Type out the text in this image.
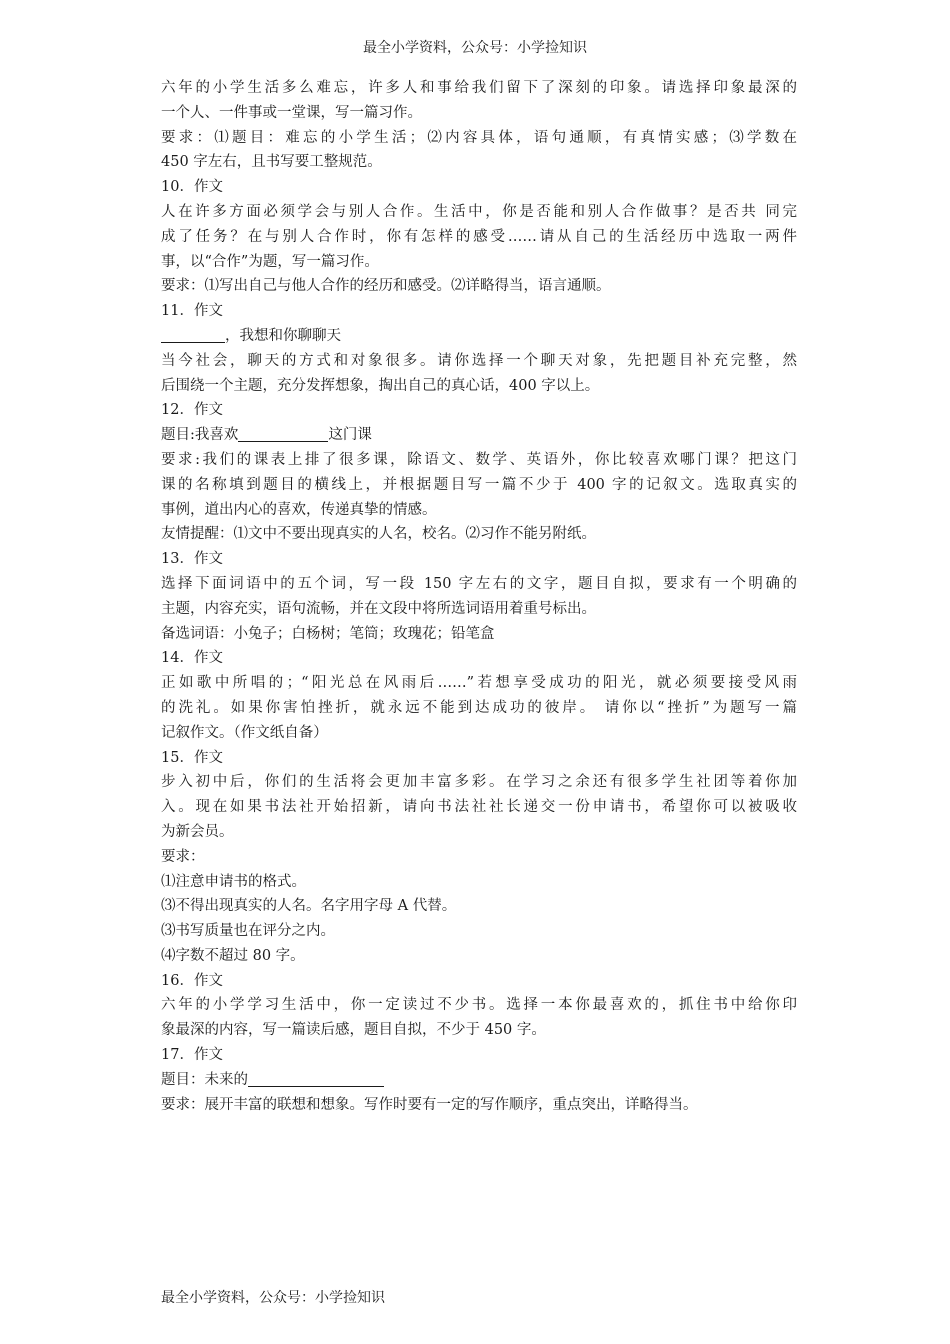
最全小学资料，公众号：小学捡知识
六年的小学生活多么难忘，许多人和事给我们留下了深刻的印象。请选择印象最深的
一个人、一件事或一堂课，写一篇习作。
要求：⑴题目：难忘的小学生活；⑵内容具体，语句通顺，有真情实感；⑶学数在
450 字左右，且书写要工整规范。
10．作文
人在许多方面必须学会与别人合作。生活中，你是否能和别人合作做事？是否共 同完
成了任务？在与别人合作时，你有怎样的感受……请从自己的生活经历中选取一两件
事，以“合作”为题，写一篇习作。
要求：⑴写出自己与他人合作的经历和感受。⑵详略得当，语言通顺。
11．作文
，我想和你聊聊天
当今社会，聊天的方式和对象很多。请你选择一个聊天对象，先把题目补充完整，然
后围绕一个主题，充分发挥想象，掏出自己的真心话，400 字以上。
12．作文
题目:我喜欢	这门课
要求:我们的课表上排了很多课，除语文、数学、英语外，你比较喜欢哪门课？把这门
课的名称填到题目的横线上，并根据题目写一篇不少于 400 字的记叙文。选取真实的
事例，道出内心的喜欢，传递真挚的情感。
友情提醒：⑴文中不要出现真实的人名，校名。⑵习作不能另附纸。
13．作文
选择下面词语中的五个词，写一段 150 字左右的文字，题目自拟，要求有一个明确的
主题，内容充实，语句流畅，并在文段中将所选词语用着重号标出。
备选词语：小兔子；白杨树；笔筒；玫瑰花；铅笔盒
14．作文
正如歌中所唱的；“阳光总在风雨后……”若想享受成功的阳光，就必须要接受风雨
的洗礼。如果你害怕挫折，就永远不能到达成功的彼岸。 请你以“挫折”为题写一篇
记叙作文。（作文纸自备）
15．作文
步入初中后，你们的生活将会更加丰富多彩。在学习之余还有很多学生社团等着你加
入。现在如果书法社开始招新，请向书法社社长递交一份申请书，希望你可以被吸收
为新会员。
要求：
⑴注意申请书的格式。
⑶不得出现真实的人名。名字用字母 A 代替。
⑶书写质量也在评分之内。
⑷字数不超过 80 字。
16．作文
六年的小学学习生活中，你一定读过不少书。选择一本你最喜欢的，抓住书中给你印
象最深的内容，写一篇读后感，题目自拟，不少于 450 字。
17．作文
题目：未来的
要求：展开丰富的联想和想象。写作时要有一定的写作顺序，重点突出，详略得当。
最全小学资料，公众号：小学捡知识
